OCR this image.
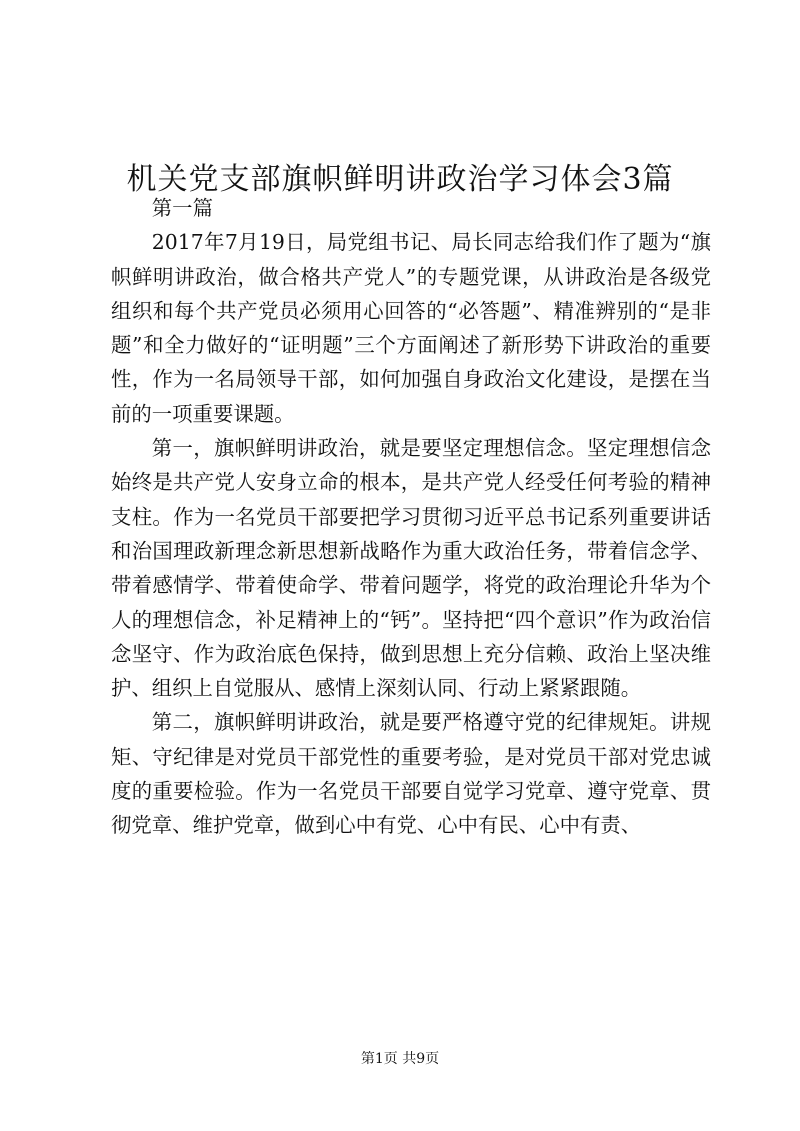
机关党支部旗帜鲜明讲政治学习体会3篇

第一篇

2017年7月19日，局党组书记、局长同志给我们作了题为“旗帜鲜明讲政治，做合格共产党人”的专题党课，从讲政治是各级党组织和每个共产党员必须用心回答的“必答题”、精准辨别的“是非题”和全力做好的“证明题”三个方面阐述了新形势下讲政治的重要性，作为一名局领导干部，如何加强自身政治文化建设，是摆在当前的一项重要课题。

第一，旗帜鲜明讲政治，就是要坚定理想信念。坚定理想信念始终是共产党人安身立命的根本，是共产党人经受任何考验的精神支柱。作为一名党员干部要把学习贯彻习近平总书记系列重要讲话和治国理政新理念新思想新战略作为重大政治任务，带着信念学、带着感情学、带着使命学、带着问题学，将党的政治理论升华为个人的理想信念，补足精神上的“钙”。坚持把“四个意识”作为政治信念坚守、作为政治底色保持，做到思想上充分信赖、政治上坚决维护、组织上自觉服从、感情上深刻认同、行动上紧紧跟随。

第二，旗帜鲜明讲政治，就是要严格遵守党的纪律规矩。讲规矩、守纪律是对党员干部党性的重要考验，是对党员干部对党忠诚度的重要检验。作为一名党员干部要自觉学习党章、遵守党章、贯彻党章、维护党章，做到心中有党、心中有民、心中有责、

第1页 共9页
